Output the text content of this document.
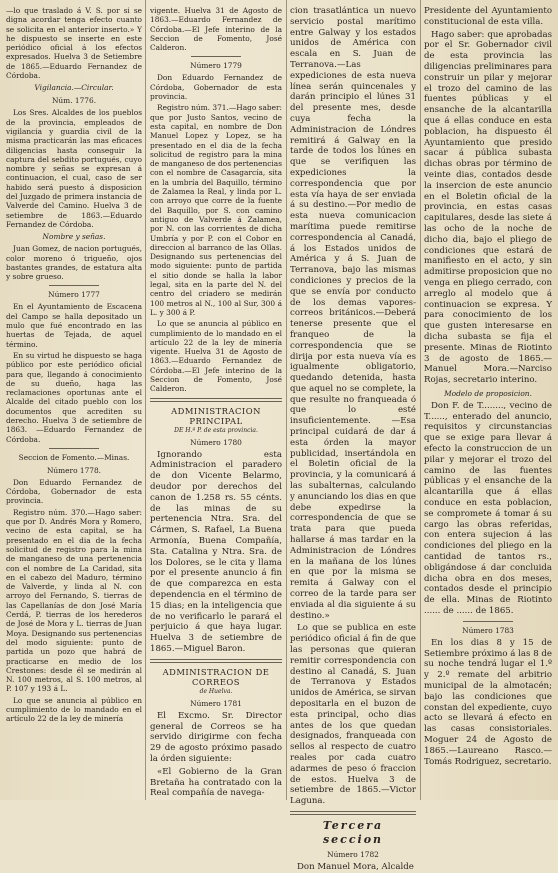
—lo que traslado á V. S. por si se digna acordar tenga efecto cuanto se solicita en el anterior inserto.» Y he dispuesto se inserte en este periódico oficial á los efectos expresados. Huelva 3 de Setiembre de 1865.—Eduardo Fernandez de Córdoba.

Vigilancia.—Circular.
Núm. 1776.

Los Sres. Alcaldes de los pueblos de la provincia, empleados de vigilancia y guardia civil de la misma practicarán las mas eficaces diligencias hasta conseguir la captura del sebdito portugués, cuyo nombre y señas se expresan á continuacion, el cual, caso de ser habido será puesto á disposicion del Juzgado de primera instancia de Valverde del Camino. Huelva 3 de setiembre de 1863.—Eduardo Fernandez de Córdoba.

Nombre y señas.

Juan Gomez, de nacion portugués, color moreno ó trigueño, ojos bastantes grandes, de estatura alta y sobre grueso.

Número 1777

En el Ayuntamiento de Escacena del Campo se halla depositado un mulo que fué encontrado en las huertas de Tejada, de aquel término.

En su virtud he dispuesto se haga público por este periódico oficial para que, llegando á conocimiento de su dueño, haga las reclamaciones oportunas ante el Alcalde del citado pueblo con los documentos que acrediten su derecho. Huelva 3 de setiembre de 1863. —Eduardo Fernandez de Córdoba.

Seccion de Fomento.—Minas.
Número 1778.

Don Eduardo Fernandez de Córdoba, Gobernador de esta provincia.

Registro núm. 370.—Hago saber: que por D. Andrés Mora y Romero, vecino de esta capital, se ha presentado en el dia de la fecha solicitud de registro para la mina de manganeso de una pertenencia con el nombre de La Caridad, sita en el cabezo del Maduro, término de Valverde, y linda al N. con arroyo del Fernando, S. tierras de las Capellanías de don José María Cerdá, P. tierras de los herederos de José de Mora y L. tierras de Juan Moya. Designando sus pertenencias del modo siguiente: punto de partida un pozo que habrá de practicarse en medio de los Crestones: desde él se medirán al N. 100 metros, al S. 100 metros, al P. 107 y 193 á L.

Lo que se anuncia al público en cumplimiento de lo mandado en el artículo 22 de la ley de minería

vigente. Huelva 31 de Agosto de 1863.—Eduardo Fernandez de Córdoba.—El Jefe interino de la Seccion de Fomento, José Calderon.

Número 1779

Don Eduardo Fernandez de Córdoba, Gobernador de esta provincia.

Registro núm. 371.—Hago saber: que por Justo Santos, vecino de esta capital, en nombre de Don Manuel Lopez y Lopez, se ha presentado en el dia de la fecha solicitud de registro para la mina de manganeso de dos pertenencias con el nombre de Casagarcía, sita en la umbría del Baquillo, término de Zalamea la Real, y linda por L. con arroyo que corre de la fuente del Baquillo, por S. con camino antiguo de Valverde á Zalamea, por N. con las corrientes de dicha Umbría y por P. con el Cobor en direccion al barranco de las Ollas. Designando sus pertenencias del modo siguiente: punto de partida el sitio donde se halla la labor legal, sita en la parte del N. del centro del criadero se medirán 100 metros al N., 100 al Sur, 300 á L. y 300 á P.

Lo que se anuncia al público en cumplimiento de lo mandado en el artículo 22 de la ley de minería vigente. Huelva 31 de Agosto de 1863.—Eduardo Fernandez de Córdoba.—El Jefe interino de la Seccion de Fomento, José Calderon.

ADMINISTRACION PRINCIPAL
DE H.ª P. de esta provincia.
Número 1780

Ignorando esta Administracion el paradero de don Vicente Belarmo, deudor por derechos del canon de 1.258 rs. 55 cénts. de las minas de su pertenencia Ntra. Sra. del Cármen, S. Rafael, La Buena Armonía, Buena Compañía, Sta. Catalina y Ntra. Sra. de los Dolores, se le cita y llama por el presente anuncio á fin de que comparezca en esta dependencia en el término de 15 dias; en la inteligencia que de no verificarlo le parará el perjuicio á que haya lugar. Huelva 3 de setiembre de 1865.—Miguel Baron.

ADMINISTRACION DE CORREOS
de Huelva.
Número 1781

El Excmo. Sr. Director general de Correos se ha servido dirigirme con fecha 29 de agosto próximo pasado la órden siguiente:

«El Gobierno de la Gran Bretaña ha contratado con la Real compañía de navega-

cion trasatlántica un nuevo servicio postal marítimo entre Galway y los estados unidos de América con escala en S. Juan de Terranova.—Las expediciones de esta nueva línea serán quincenales y darán principio el lúnes 31 del presente mes, desde cuya fecha la Administracion de Lóndres remitirá á Galway en la tarde de todos los lúnes en que se verifiquen las expediciones la correspondencia que por esta vía haya de ser enviada á su destino.—Por medio de esta nueva comunicacion marítima puede remitirse correspondencia al Canadá, á los Estados unidos de América y á S. Juan de Terranova, bajo las mismas condiciones y precios de la que se envía por conducto de los demas vapores-correos británicos.—Deberá tenerse presente que el franqueo de la correspondencia que se dirija por esta nueva vía es igualmente obligatorio, quedando detenida, hasta que aquel no se complete, la que resulte no franqueada ó que lo esté insuficientemente. —Esa principal cuidará de dar á esta órden la mayor publicidad, insertándola en el Boletin oficial de la provincia, y la comunicará á las subalternas, calculando y anunciando los dias en que debe expedirse la correspondencia de que se trata para que pueda hallarse á mas tardar en la Administracion de Lóndres en la mañana de los lúnes en que por la misma se remita á Galway con el correo de la tarde para ser enviada al dia siguiente á su destino.»

Lo que se publica en este periódico oficial á fin de que las personas que quieran remitir correspondencia con destino al Canadá, S. Juan de Terranova y Estados unidos de América, se sirvan depositarla en el buzon de esta principal, ocho dias antes de los que quedan designados, franqueada con sellos al respecto de cuatro reales por cada cuatro adarmes de peso ó fraccion de estos. Huelva 3 de setiembre de 1865.—Victor Laguna.

Tercera seccion
Número 1782

Don Manuel Mora, Alcalde

Presidente del Ayuntamiento constitucional de esta villa.

Hago saber: que aprobadas por el Sr. Gobernador civil de esta provincia las diligencias preliminares para construir un pilar y mejorar el trozo del camino de las fuentes públicas y el ensanche de la alcantarilla que á ellas conduce en esta poblacion, ha dispuesto él Ayuntamiento que presido sacar á pública subasta dichas obras por término de veinte dias, contados desde la insercion de este anuncio en el Boletin oficial de la provincia, en estas casas capitulares, desde las siete á las ocho de la noche de dicho dia, bajo el pliego de condiciones que estará de manifiesto en el acto, y sin admitirse proposicion que no venga en pliego cerrado, con arreglo al modelo que á continuacion se expresa. Y para conocimiento de los que gusten interesarse en dicha subasta se fija el presente. Minas de Riotinto 3 de agosto de 1865.—Manuel Mora.—Narciso Rojas, secretario interino.

Modelo de proposicion.

Don F. de T........, vecino de T......, enterado del anuncio, requisitos y circunstancias que se exige para llevar á efecto la construccion de un pilar y mejorar el trozo del camino de las fuentes públicas y el ensanche de la alcantarilla que á ellas conduce en esta poblacion, se compromete á tomar á su cargo las obras referidas, con entera sujecion á las condiciones del pliego en la cantidad de tantos rs., obligándose á dar concluida dicha obra en dos meses, contados desde el principio de ella. Minas de Riotinto ...... de ...... de 1865.

Número 1783

En los dias 8 y 15 de Setiembre próximo á las 8 de su noche tendrá lugar el 1.º y 2.º remate del arbitrio municipal de la almotacén; bajo las condiciones que constan del expediente, cuyo acto se llevará á efecto en las casas consistoriales. Moguer 24 de Agosto de 1865.—Laureano Rasco.—Tomás Rodriguez, secretario.
